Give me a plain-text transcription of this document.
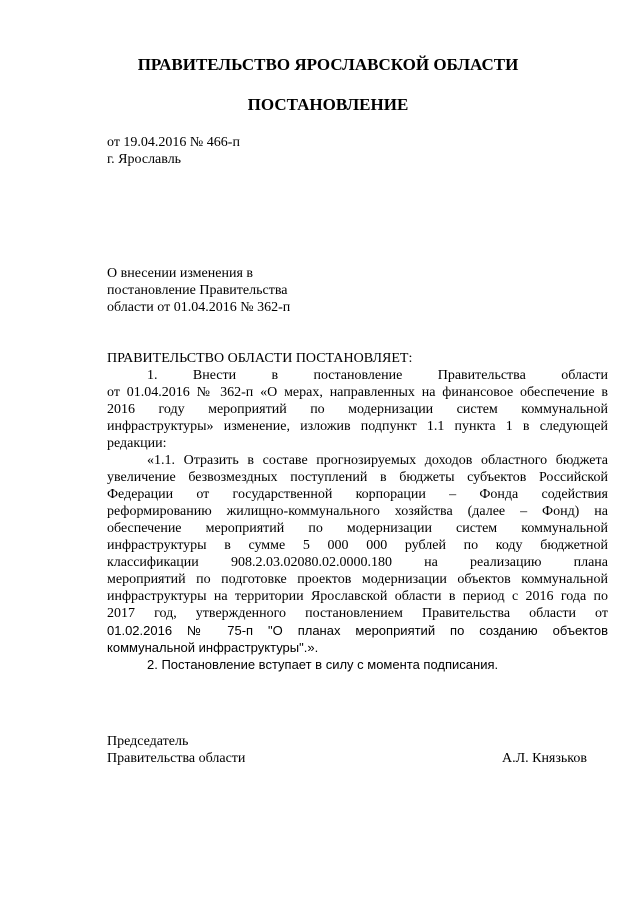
ПРАВИТЕЛЬСТВО ЯРОСЛАВСКОЙ ОБЛАСТИ
ПОСТАНОВЛЕНИЕ
от 19.04.2016 № 466-п
г. Ярославль
О внесении изменения в
постановление Правительства
области от 01.04.2016 № 362-п
ПРАВИТЕЛЬСТВО ОБЛАСТИ ПОСТАНОВЛЯЕТ:
1. Внести в постановление Правительства области
от 01.04.2016 № 362-п «О мерах, направленных на финансовое обеспечение в
2016 году мероприятий по модернизации систем коммунальной
инфраструктуры» изменение, изложив подпункт 1.1 пункта 1 в следующей
редакции:
«1.1. Отразить в составе прогнозируемых доходов областного бюджета
увеличение безвозмездных поступлений в бюджеты субъектов Российской
Федерации от государственной корпорации – Фонда содействия
реформированию жилищно-коммунального хозяйства (далее – Фонд) на
обеспечение мероприятий по модернизации систем коммунальной
инфраструктуры в сумме 5 000 000 рублей по коду бюджетной
классификации 908.2.03.02080.02.0000.180 на реализацию плана
мероприятий по подготовке проектов модернизации объектов коммунальной
инфраструктуры на территории Ярославской области в период с 2016 года по
2017 год, утвержденного постановлением Правительства области от
01.02.2016 № 75-п "О планах мероприятий по созданию объектов
коммунальной инфраструктуры".».
2. Постановление вступает в силу с момента подписания.
Председатель
Правительства области	А.Л. Князьков
